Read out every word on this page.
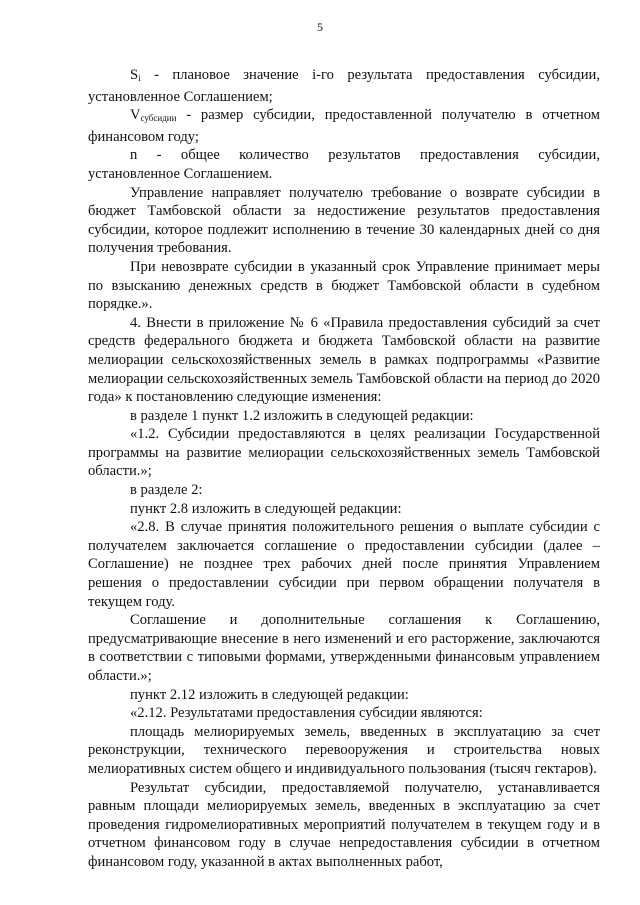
5

$S_i$ - плановое значение i-го результата предоставления субсидии, установленное Соглашением;

$V_{субсидии}$ - размер субсидии, предоставленной получателю в отчетном финансовом году;

n - общее количество результатов предоставления субсидии, установленное Соглашением.

Управление направляет получателю требование о возврате субсидии в бюджет Тамбовской области за недостижение результатов предоставления субсидии, которое подлежит исполнению в течение 30 календарных дней со дня получения требования.

При невозврате субсидии в указанный срок Управление принимает меры по взысканию денежных средств в бюджет Тамбовской области в судебном порядке.».

4. Внести в приложение № 6 «Правила предоставления субсидий за счет средств федерального бюджета и бюджета Тамбовской области на развитие мелиорации сельскохозяйственных земель в рамках подпрограммы «Развитие мелиорации сельскохозяйственных земель Тамбовской области на период до 2020 года» к постановлению следующие изменения:

в разделе 1 пункт 1.2 изложить в следующей редакции:

«1.2. Субсидии предоставляются в целях реализации Государственной программы на развитие мелиорации сельскохозяйственных земель Тамбовской области.»;

в разделе 2:

пункт 2.8 изложить в следующей редакции:

«2.8. В случае принятия положительного решения о выплате субсидии с получателем заключается соглашение о предоставлении субсидии (далее – Соглашение) не позднее трех рабочих дней после принятия Управлением решения о предоставлении субсидии при первом обращении получателя в текущем году.

Соглашение и дополнительные соглашения к Соглашению, предусматривающие внесение в него изменений и его расторжение, заключаются в соответствии с типовыми формами, утвержденными финансовым управлением области.»;

пункт 2.12 изложить в следующей редакции:

«2.12. Результатами предоставления субсидии являются:

площадь мелиорируемых земель, введенных в эксплуатацию за счет реконструкции, технического перевооружения и строительства новых мелиоративных систем общего и индивидуального пользования (тысяч гектаров).

Результат субсидии, предоставляемой получателю, устанавливается равным площади мелиорируемых земель, введенных в эксплуатацию за счет проведения гидромелиоративных мероприятий получателем в текущем году и в отчетном финансовом году в случае непредоставления субсидии в отчетном финансовом году, указанной в актах выполненных работ,
